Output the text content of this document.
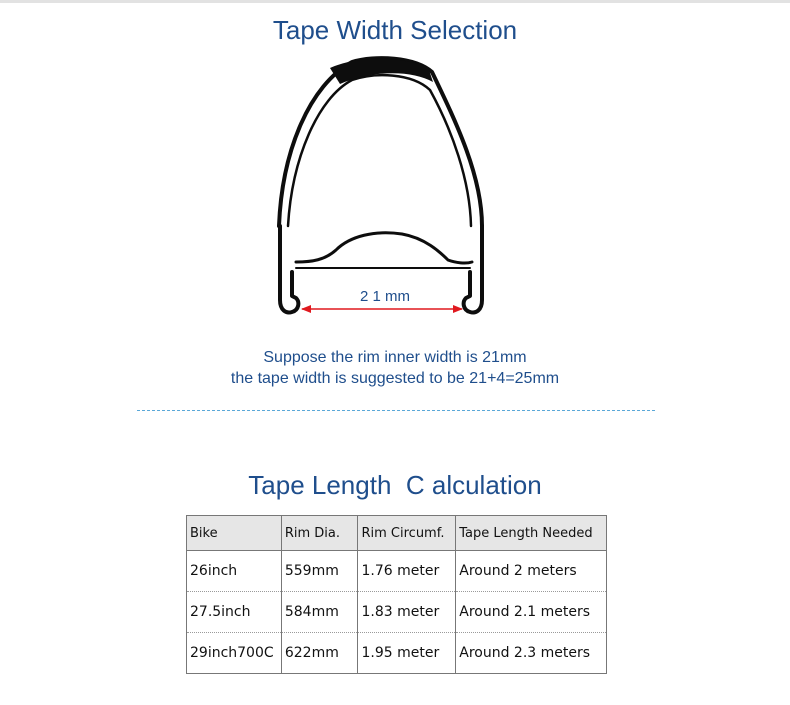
Tape Width Selection
2 1 mm
Suppose the rim inner width is 21mm
the tape width is suggested to be 21+4=25mm
Tape Length  C alculation
Bike	Rim Dia.	Rim Circumf.	Tape Length Needed
26inch	559mm	1.76 meter	Around 2 meters
27.5inch	584mm	1.83 meter	Around 2.1 meters
29inch700C	622mm	1.95 meter	Around 2.3 meters
